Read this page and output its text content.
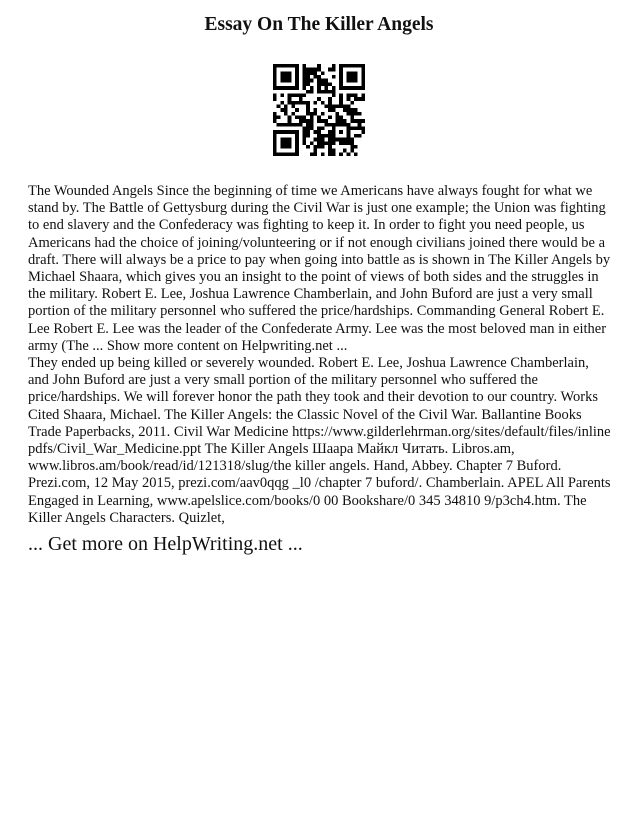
Essay On The Killer Angels

The Wounded Angels Since the beginning of time we Americans have always fought for what we stand by. The Battle of Gettysburg during the Civil War is just one example; the Union was fighting to end slavery and the Confederacy was fighting to keep it. In order to fight you need people, us Americans had the choice of joining/volunteering or if not enough civilians joined there would be a draft. There will always be a price to pay when going into battle as is shown in The Killer Angels by Michael Shaara, which gives you an insight to the point of views of both sides and the struggles in the military. Robert E. Lee, Joshua Lawrence Chamberlain, and John Buford are just a very small portion of the military personnel who suffered the price/hardships. Commanding General Robert E. Lee Robert E. Lee was the leader of the Confederate Army. Lee was the most beloved man in either army (The ... Show more content on Helpwriting.net ...

They ended up being killed or severely wounded. Robert E. Lee, Joshua Lawrence Chamberlain, and John Buford are just a very small portion of the military personnel who suffered the price/hardships. We will forever honor the path they took and their devotion to our country. Works Cited Shaara, Michael. The Killer Angels: the Classic Novel of the Civil War. Ballantine Books Trade Paperbacks, 2011. Civil War Medicine https://www.gilderlehrman.org/sites/default/files/inline pdfs/Civil_War_Medicine.ppt The Killer Angels Шаара Майкл Читать. Libros.am, www.libros.am/book/read/id/121318/slug/the killer angels. Hand, Abbey. Chapter 7 Buford. Prezi.com, 12 May 2015, prezi.com/aav0qqg _l0 /chapter 7 buford/. Chamberlain. APEL All Parents Engaged in Learning, www.apelslice.com/books/0 00 Bookshare/0 345 34810 9/p3ch4.htm. The Killer Angels Characters. Quizlet,

... Get more on HelpWriting.net ...
